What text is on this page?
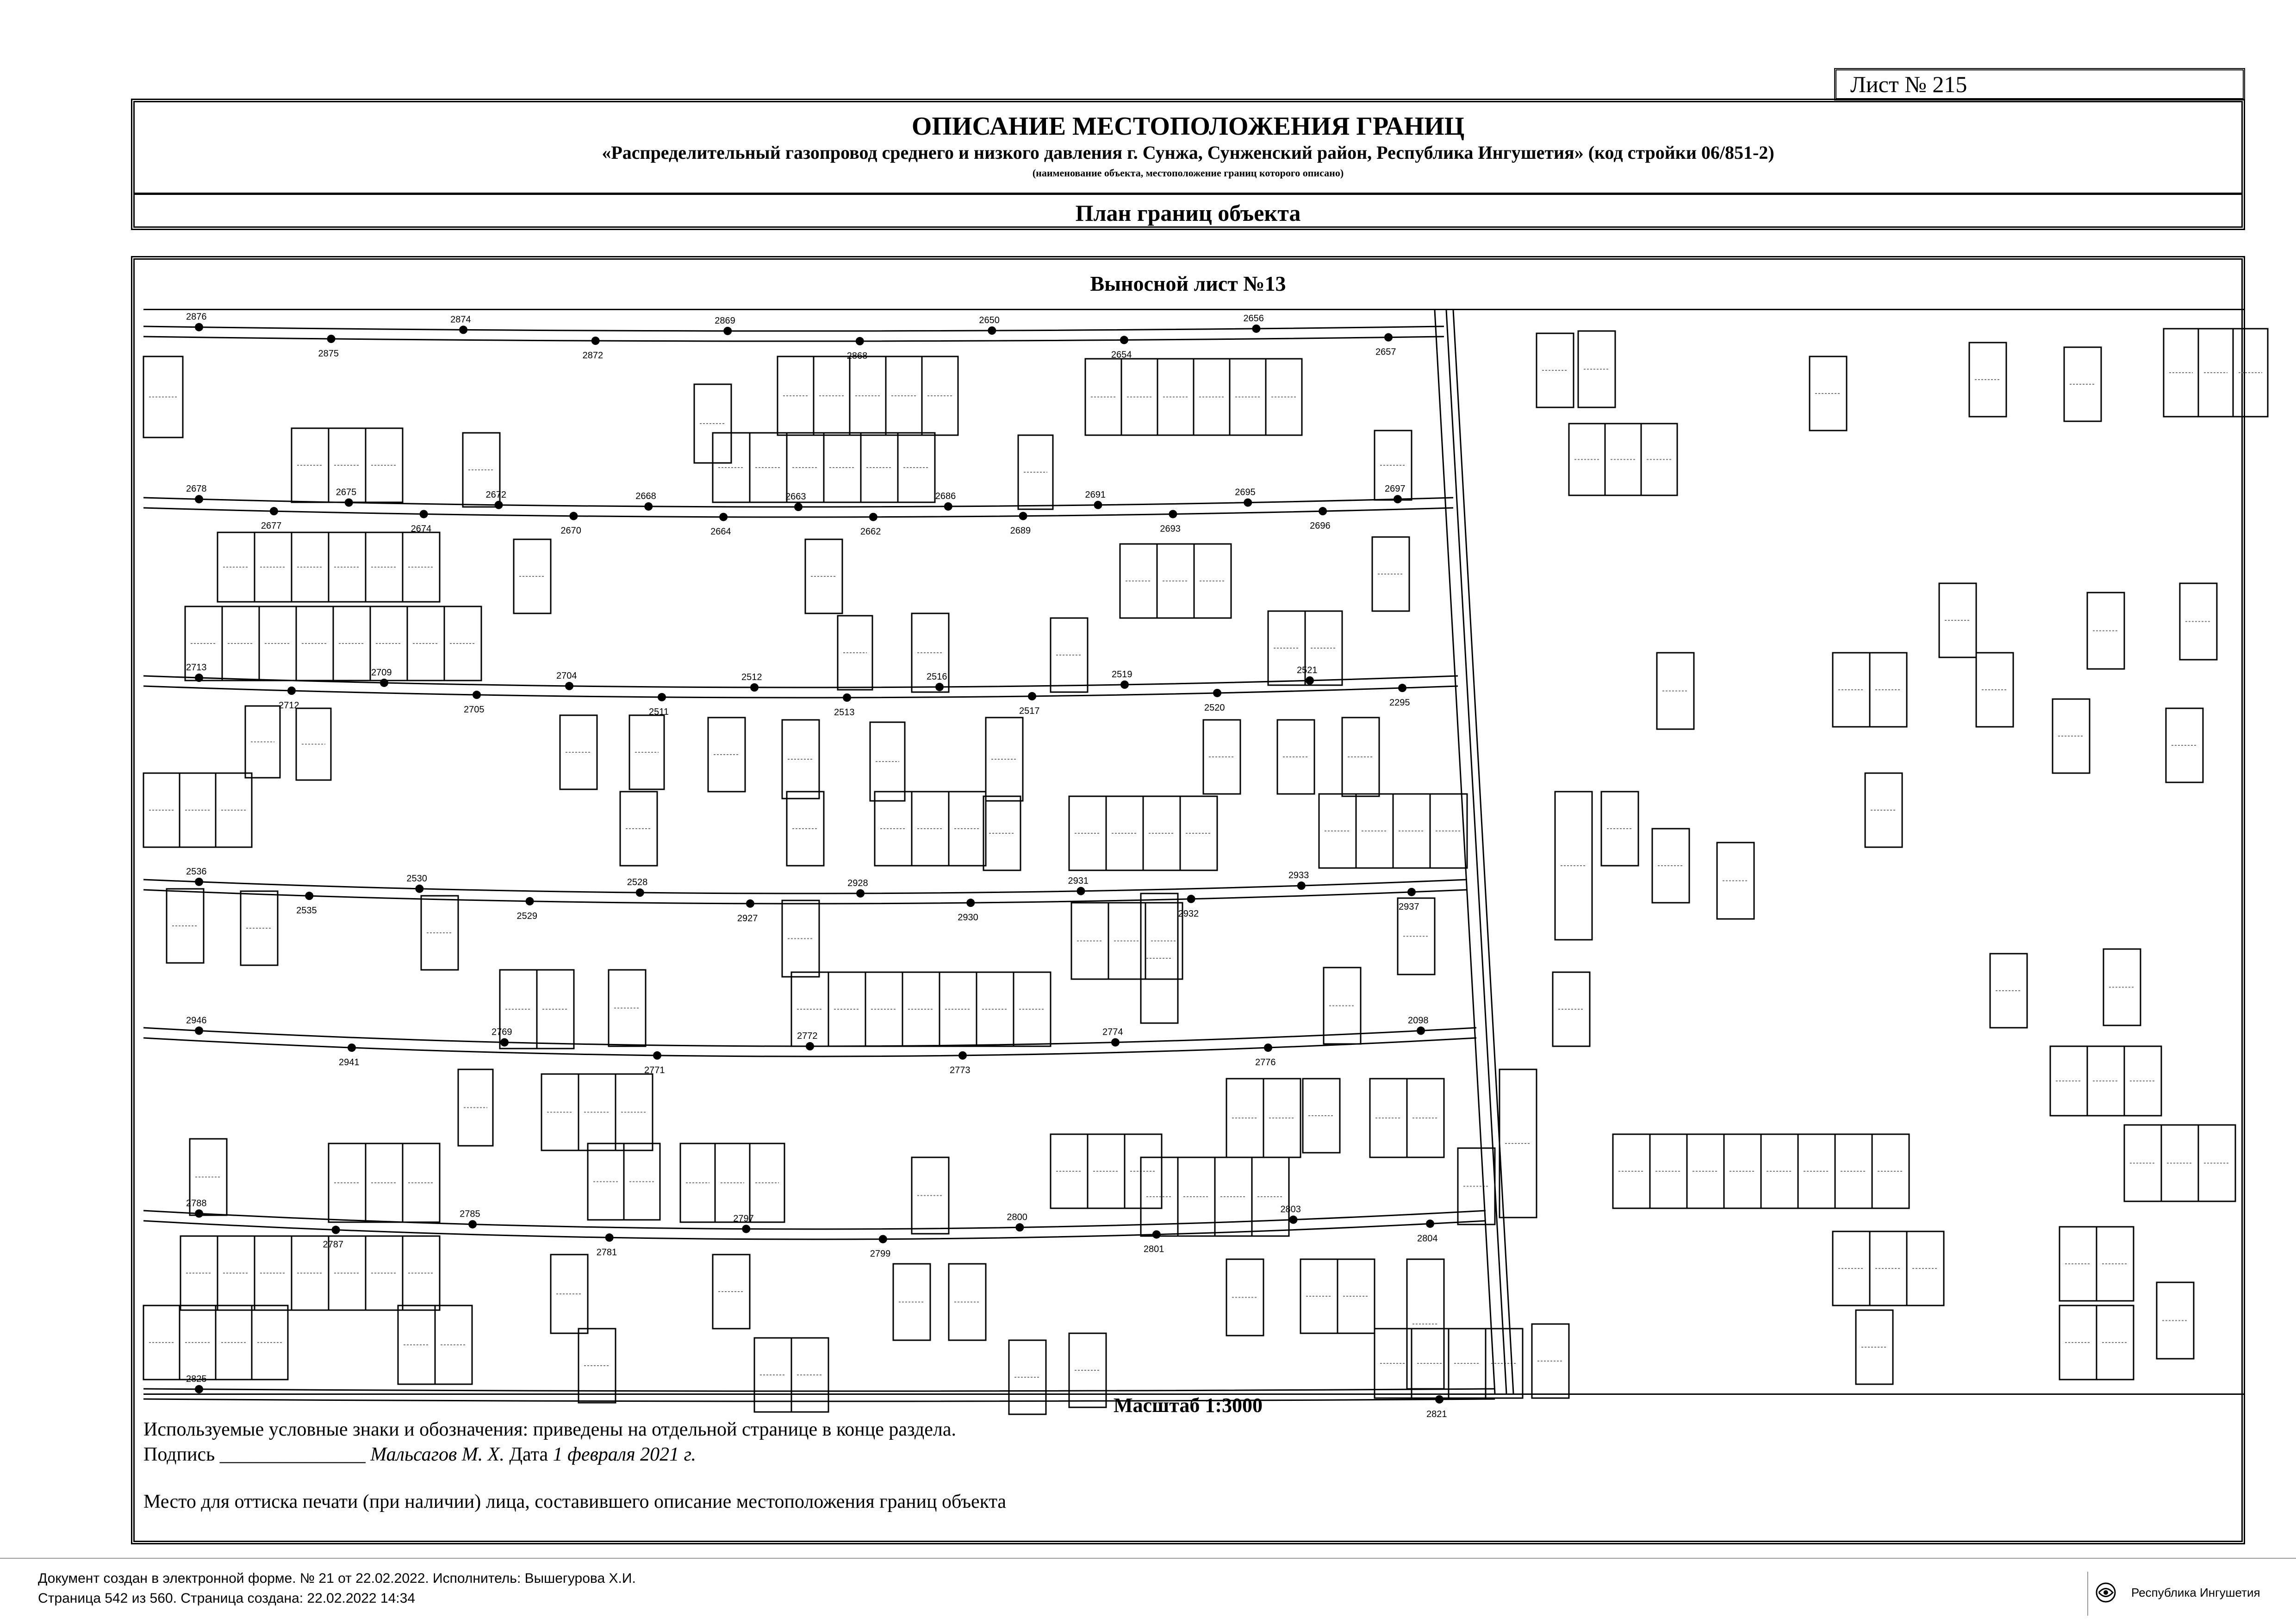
Лист № 215
ОПИСАНИЕ МЕСТОПОЛОЖЕНИЯ ГРАНИЦ
«Распределительный газопровод среднего и низкого давления г. Сунжа, Сунженский район, Республика Ингушетия» (код стройки 06/851-2)
(наименование объекта, местоположение границ которого описано)
План границ объекта
Выносной лист №13
2876
2875
2874
2872
2869
2868
2650
2654
2656
2657
2678
2677
2675
2674
2672
2670
2668
2664
2663
2662
2686
2689
2691
2693
2695
2696
2697
2713
2712
2709
2705
2704
2511
2512
2513
2516
2517
2519
2520
2521
2295
2536
2535
2530
2529
2528
2927
2928
2930
2931
2932
2933
2937
2946
2941
2769
2771
2772
2773
2774
2776
2098
2788
2787
2785
2781
2797
2799
2800
2801
2803
2804
2825
2821
Масштаб 1:3000
Используемые условные знаки и обозначения: приведены на отдельной странице в конце раздела.
Подпись _______________ Мальсагов М. Х. Дата 1 февраля 2021 г.
Место для оттиска печати (при наличии) лица, составившего описание местоположения границ объекта
Документ создан в электронной форме. № 21 от 22.02.2022. Исполнитель: Вышегурова Х.И.
Страница 542 из 560. Страница создана: 22.02.2022 14:34	Республика Ингушетия
